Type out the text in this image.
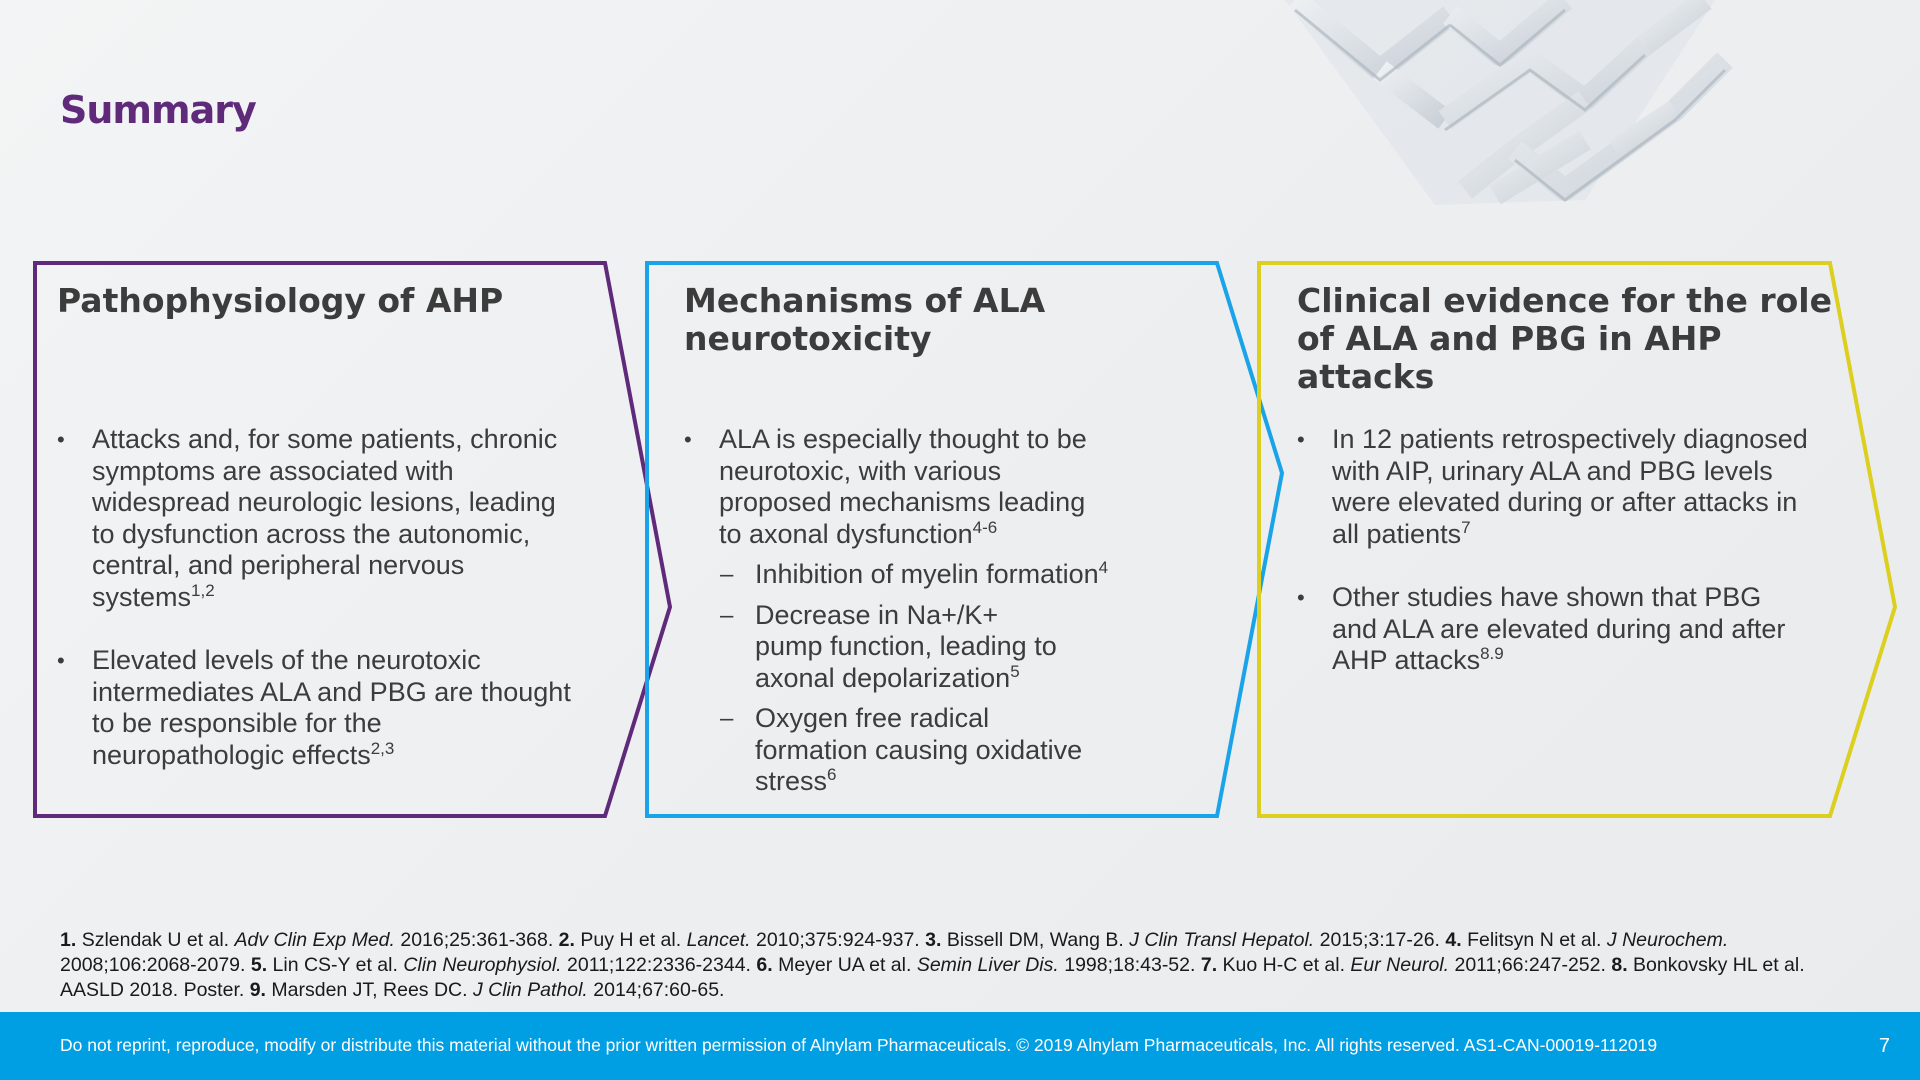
Summary
Pathophysiology of AHP
• Attacks and, for some patients, chronic symptoms are associated with widespread neurologic lesions, leading to dysfunction across the autonomic, central, and peripheral nervous systems$^{1,2}$
• Elevated levels of the neurotoxic intermediates ALA and PBG are thought to be responsible for the neuropathologic effects$^{2,3}$
Mechanisms of ALA neurotoxicity
• ALA is especially thought to be neurotoxic, with various proposed mechanisms leading to axonal dysfunction$^{4-6}$
– Inhibition of myelin formation$^4$
– Decrease in Na+/K+ pump function, leading to axonal depolarization$^5$
– Oxygen free radical formation causing oxidative stress$^6$
Clinical evidence for the role of ALA and PBG in AHP attacks
• In 12 patients retrospectively diagnosed with AIP, urinary ALA and PBG levels were elevated during or after attacks in all patients$^7$
• Other studies have shown that PBG and ALA are elevated during and after AHP attacks$^{8.9}$

1. Szlendak U et al. Adv Clin Exp Med. 2016;25:361-368. 2. Puy H et al. Lancet. 2010;375:924-937. 3. Bissell DM, Wang B. J Clin Transl Hepatol. 2015;3:17-26. 4. Felitsyn N et al. J Neurochem. 2008;106:2068-2079. 5. Lin CS-Y et al. Clin Neurophysiol. 2011;122:2336-2344. 6. Meyer UA et al. Semin Liver Dis. 1998;18:43-52. 7. Kuo H-C et al. Eur Neurol. 2011;66:247-252. 8. Bonkovsky HL et al. AASLD 2018. Poster. 9. Marsden JT, Rees DC. J Clin Pathol. 2014;67:60-65.

Do not reprint, reproduce, modify or distribute this material without the prior written permission of Alnylam Pharmaceuticals. © 2019 Alnylam Pharmaceuticals, Inc. All rights reserved. AS1-CAN-00019-112019	7
